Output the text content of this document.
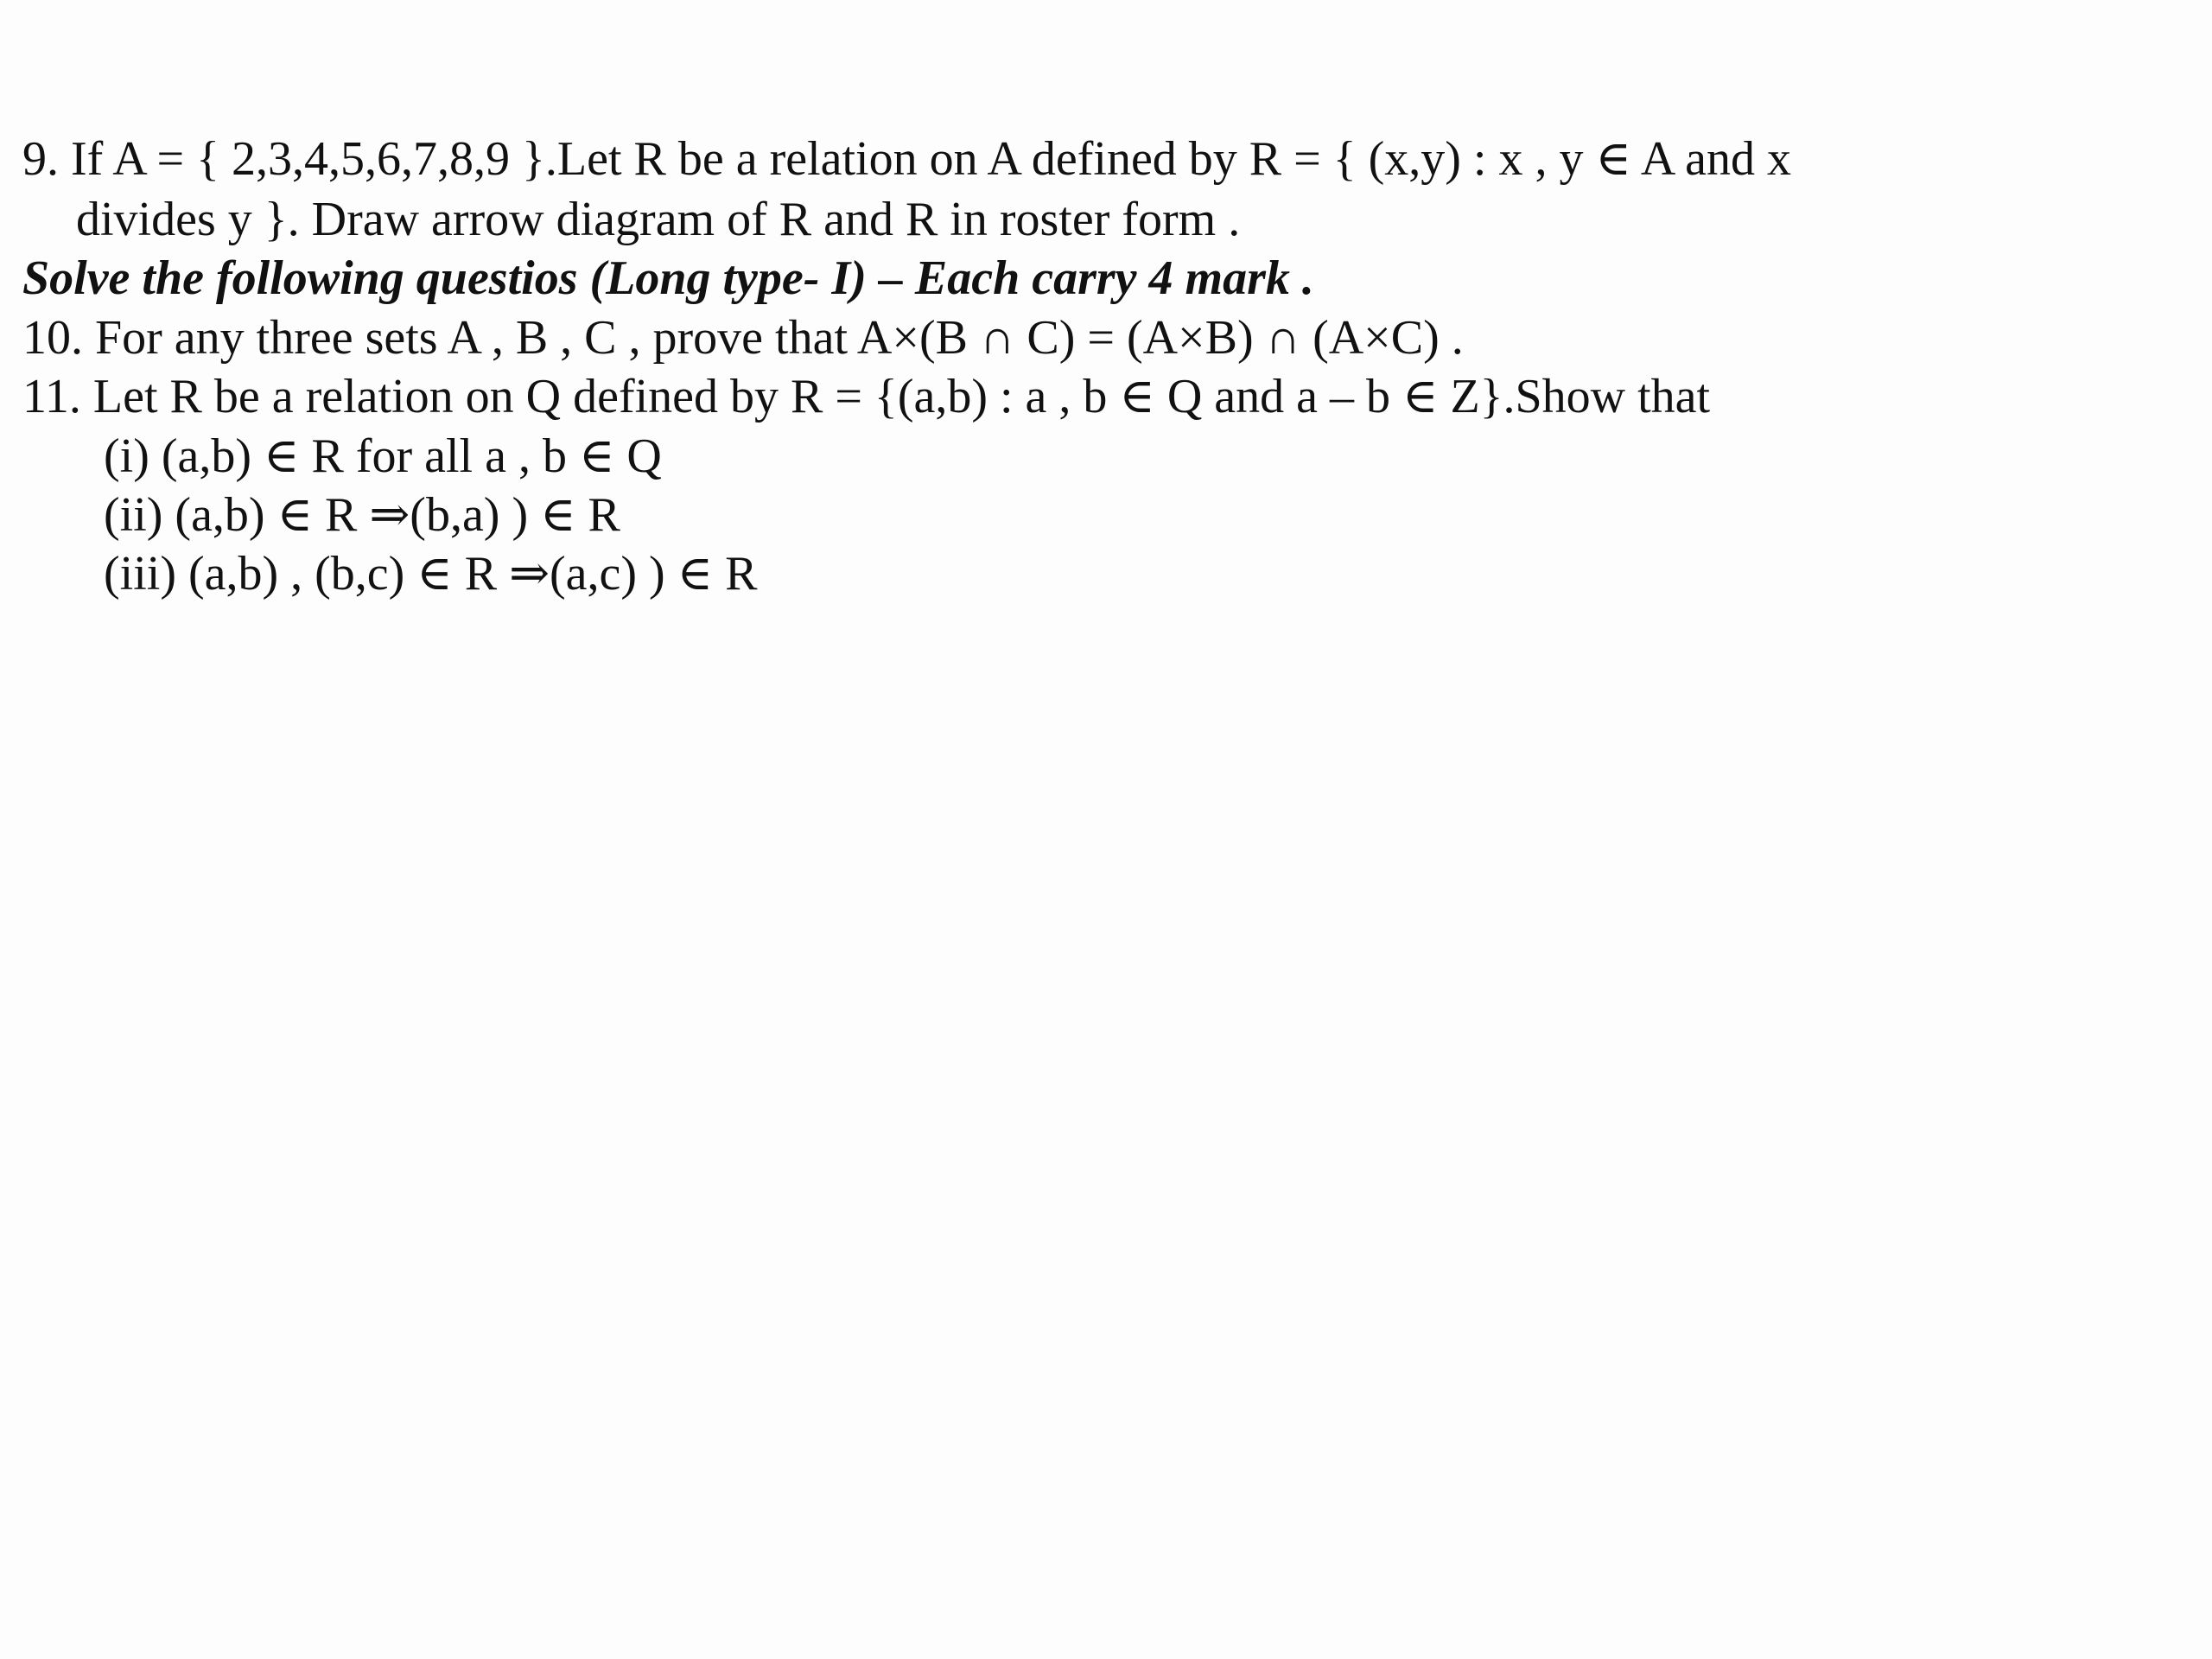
9. If A = { 2,3,4,5,6,7,8,9 }.Let R be a relation on A defined by R = { (x,y) : x , y ∈ A and x
divides y }. Draw arrow diagram of R and R in roster form .
Solve the following questios (Long type- I) – Each carry 4 mark .
10. For any three sets A , B , C , prove that A×(B ∩ C) = (A×B) ∩ (A×C) .
11. Let R be a relation on Q defined by R = {(a,b) : a , b ∈ Q and a – b ∈ Z}.Show that
(i) (a,b) ∈ R for all a , b ∈ Q
(ii) (a,b) ∈ R ⇒(b,a) ) ∈ R
(iii) (a,b) , (b,c) ∈ R ⇒(a,c) ) ∈ R
